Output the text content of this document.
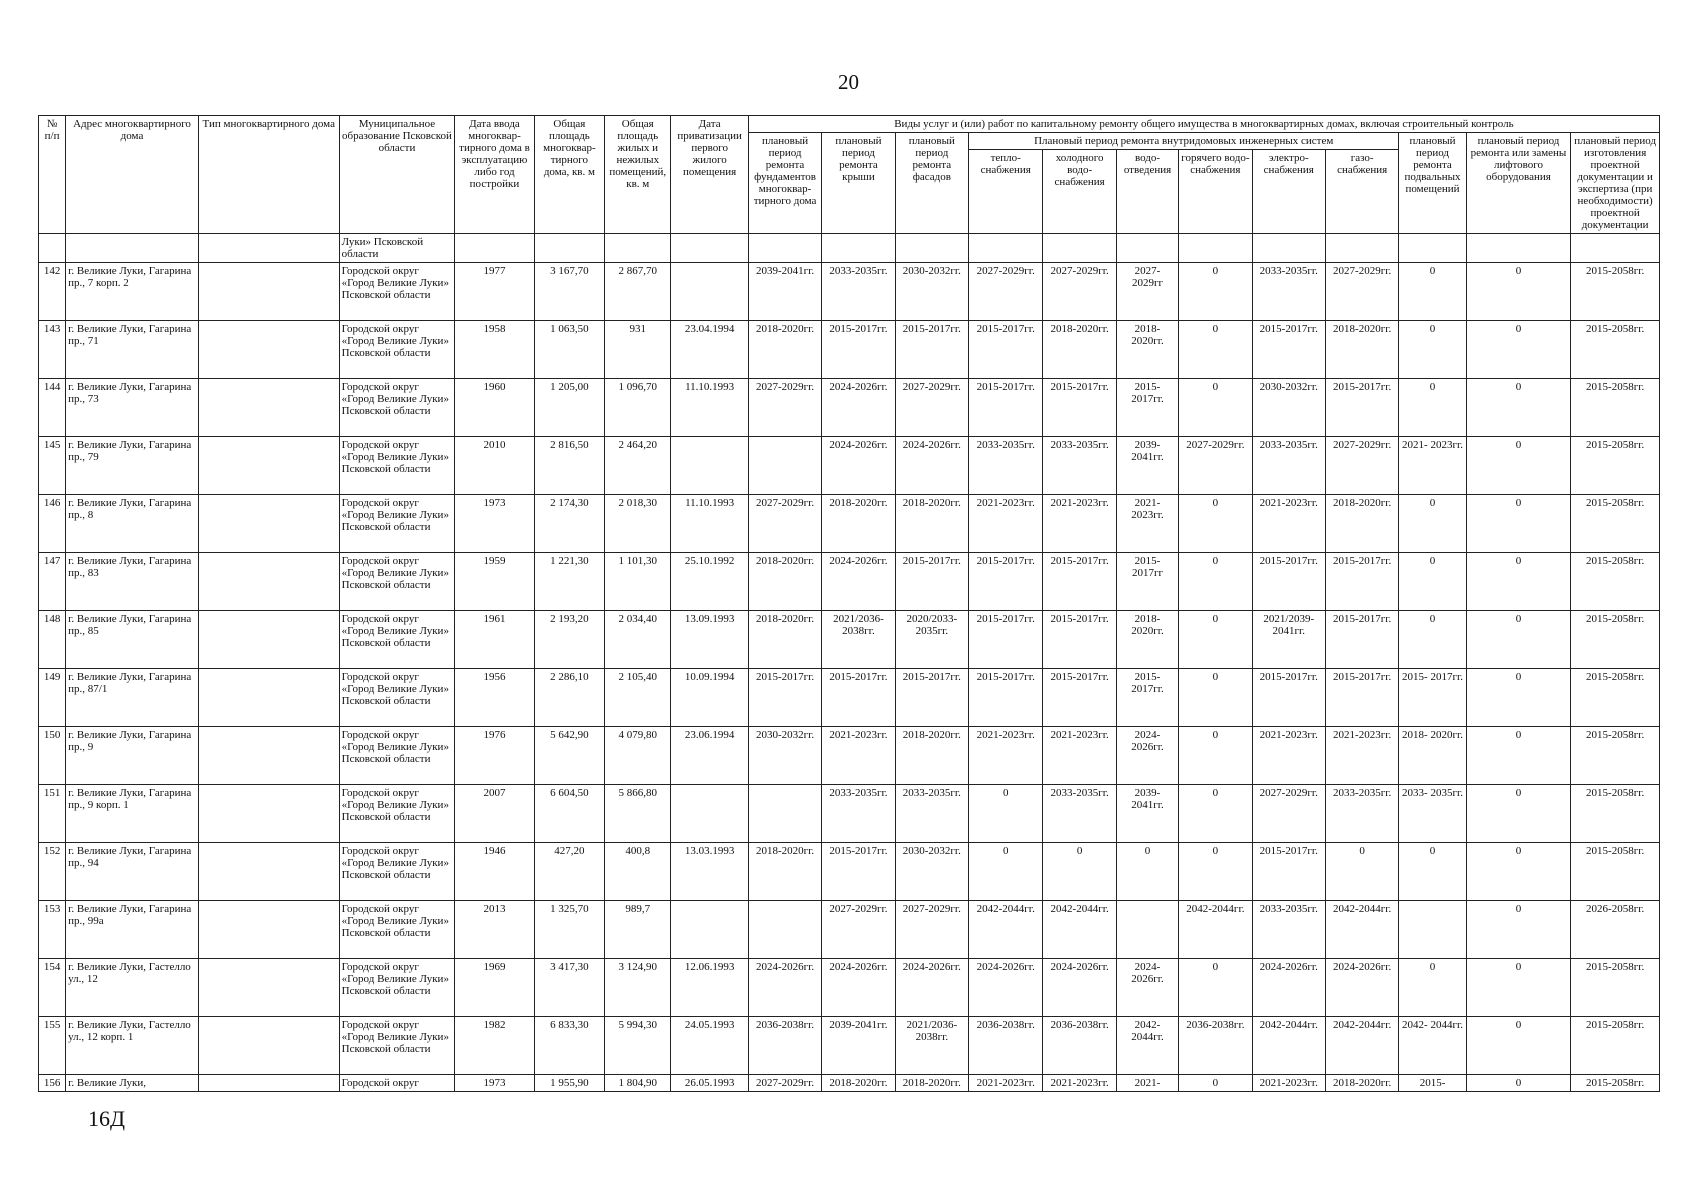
20
№ п/п	Адрес многоквартирного дома	Тип многоквартирного дома	Муниципальное образование Псковской области	Дата ввода многоквар- тирного дома в эксплуатацию либо год постройки	Общая площадь многоквар- тирного дома, кв. м	Общая площадь жилых и нежилых помещений, кв. м	Дата приватизации первого жилого помещения	Виды услуг и (или) работ по капитальному ремонту общего имущества в многоквартирных домах, включая строительный контроль											
								плановый период ремонта фундаментов многоквар- тирного дома	плановый период ремонта крыши	плановый период ремонта фасадов	Плановый период ремонта внутридомовых инженерных систем						плановый период ремонта подвальных помещений	плановый период ремонта или замены лифтового оборудования	плановый период изготовления проектной документации и экспертиза (при необходимости) проектной документации
											тепло- снабжения	холодного водо- снабжения	водо- отведения	горячего водо- снабжения	электро- снабжения	газо- снабжения			
			Луки» Псковской области																
142	г. Великие Луки, Гагарина пр., 7 корп. 2		Городской округ «Город Великие Луки» Псковской области	1977	3 167,70	2 867,70		2039-2041гг.	2033-2035гг.	2030-2032гг.	2027-2029гг.	2027-2029гг.	2027- 2029гг	0	2033-2035гг.	2027-2029гг.	0	0	2015-2058гг.
143	г. Великие Луки, Гагарина пр., 71		Городской округ «Город Великие Луки» Псковской области	1958	1 063,50	931	23.04.1994	2018-2020гг.	2015-2017гг.	2015-2017гг.	2015-2017гг.	2018-2020гг.	2018- 2020гг.	0	2015-2017гг.	2018-2020гг.	0	0	2015-2058гг.
144	г. Великие Луки, Гагарина пр., 73		Городской округ «Город Великие Луки» Псковской области	1960	1 205,00	1 096,70	11.10.1993	2027-2029гг.	2024-2026гг.	2027-2029гг.	2015-2017гг.	2015-2017гг.	2015- 2017гг.	0	2030-2032гг.	2015-2017гг.	0	0	2015-2058гг.
145	г. Великие Луки, Гагарина пр., 79		Городской округ «Город Великие Луки» Псковской области	2010	2 816,50	2 464,20			2024-2026гг.	2024-2026гг.	2033-2035гг.	2033-2035гг.	2039- 2041гг.	2027-2029гг.	2033-2035гг.	2027-2029гг.	2021- 2023гг.	0	2015-2058гг.
146	г. Великие Луки, Гагарина пр., 8		Городской округ «Город Великие Луки» Псковской области	1973	2 174,30	2 018,30	11.10.1993	2027-2029гг.	2018-2020гг.	2018-2020гг.	2021-2023гг.	2021-2023гг.	2021- 2023гг.	0	2021-2023гг.	2018-2020гг.	0	0	2015-2058гг.
147	г. Великие Луки, Гагарина пр., 83		Городской округ «Город Великие Луки» Псковской области	1959	1 221,30	1 101,30	25.10.1992	2018-2020гг.	2024-2026гг.	2015-2017гг.	2015-2017гг.	2015-2017гг.	2015- 2017гг	0	2015-2017гг.	2015-2017гг.	0	0	2015-2058гг.
148	г. Великие Луки, Гагарина пр., 85		Городской округ «Город Великие Луки» Псковской области	1961	2 193,20	2 034,40	13.09.1993	2018-2020гг.	2021/2036- 2038гг.	2020/2033- 2035гг.	2015-2017гг.	2015-2017гг.	2018- 2020гг.	0	2021/2039- 2041гг.	2015-2017гг.	0	0	2015-2058гг.
149	г. Великие Луки, Гагарина пр., 87/1		Городской округ «Город Великие Луки» Псковской области	1956	2 286,10	2 105,40	10.09.1994	2015-2017гг.	2015-2017гг.	2015-2017гг.	2015-2017гг.	2015-2017гг.	2015- 2017гг.	0	2015-2017гг.	2015-2017гг.	2015- 2017гг.	0	2015-2058гг.
150	г. Великие Луки, Гагарина пр., 9		Городской округ «Город Великие Луки» Псковской области	1976	5 642,90	4 079,80	23.06.1994	2030-2032гг.	2021-2023гг.	2018-2020гг.	2021-2023гг.	2021-2023гг.	2024- 2026гг.	0	2021-2023гг.	2021-2023гг.	2018- 2020гг.	0	2015-2058гг.
151	г. Великие Луки, Гагарина пр., 9 корп. 1		Городской округ «Город Великие Луки» Псковской области	2007	6 604,50	5 866,80			2033-2035гг.	2033-2035гг.	0	2033-2035гг.	2039- 2041гг.	0	2027-2029гг.	2033-2035гг.	2033- 2035гг.	0	2015-2058гг.
152	г. Великие Луки, Гагарина пр., 94		Городской округ «Город Великие Луки» Псковской области	1946	427,20	400,8	13.03.1993	2018-2020гг.	2015-2017гг.	2030-2032гг.	0	0	0	0	2015-2017гг.	0	0	0	2015-2058гг.
153	г. Великие Луки, Гагарина пр., 99а		Городской округ «Город Великие Луки» Псковской области	2013	1 325,70	989,7			2027-2029гг.	2027-2029гг.	2042-2044гг.	2042-2044гг.		2042-2044гг.	2033-2035гг.	2042-2044гг.		0	2026-2058гг.
154	г. Великие Луки, Гастелло ул., 12		Городской округ «Город Великие Луки» Псковской области	1969	3 417,30	3 124,90	12.06.1993	2024-2026гг.	2024-2026гг.	2024-2026гг.	2024-2026гг.	2024-2026гг.	2024- 2026гг.	0	2024-2026гг.	2024-2026гг.	0	0	2015-2058гг.
155	г. Великие Луки, Гастелло ул., 12 корп. 1		Городской округ «Город Великие Луки» Псковской области	1982	6 833,30	5 994,30	24.05.1993	2036-2038гг.	2039-2041гг.	2021/2036- 2038гг.	2036-2038гг.	2036-2038гг.	2042- 2044гг.	2036-2038гг.	2042-2044гг.	2042-2044гг.	2042- 2044гг.	0	2015-2058гг.
156	г. Великие Луки,		Городской округ	1973	1 955,90	1 804,90	26.05.1993	2027-2029гг.	2018-2020гг.	2018-2020гг.	2021-2023гг.	2021-2023гг.	2021-	0	2021-2023гг.	2018-2020гг.	2015-	0	2015-2058гг.
16Д
